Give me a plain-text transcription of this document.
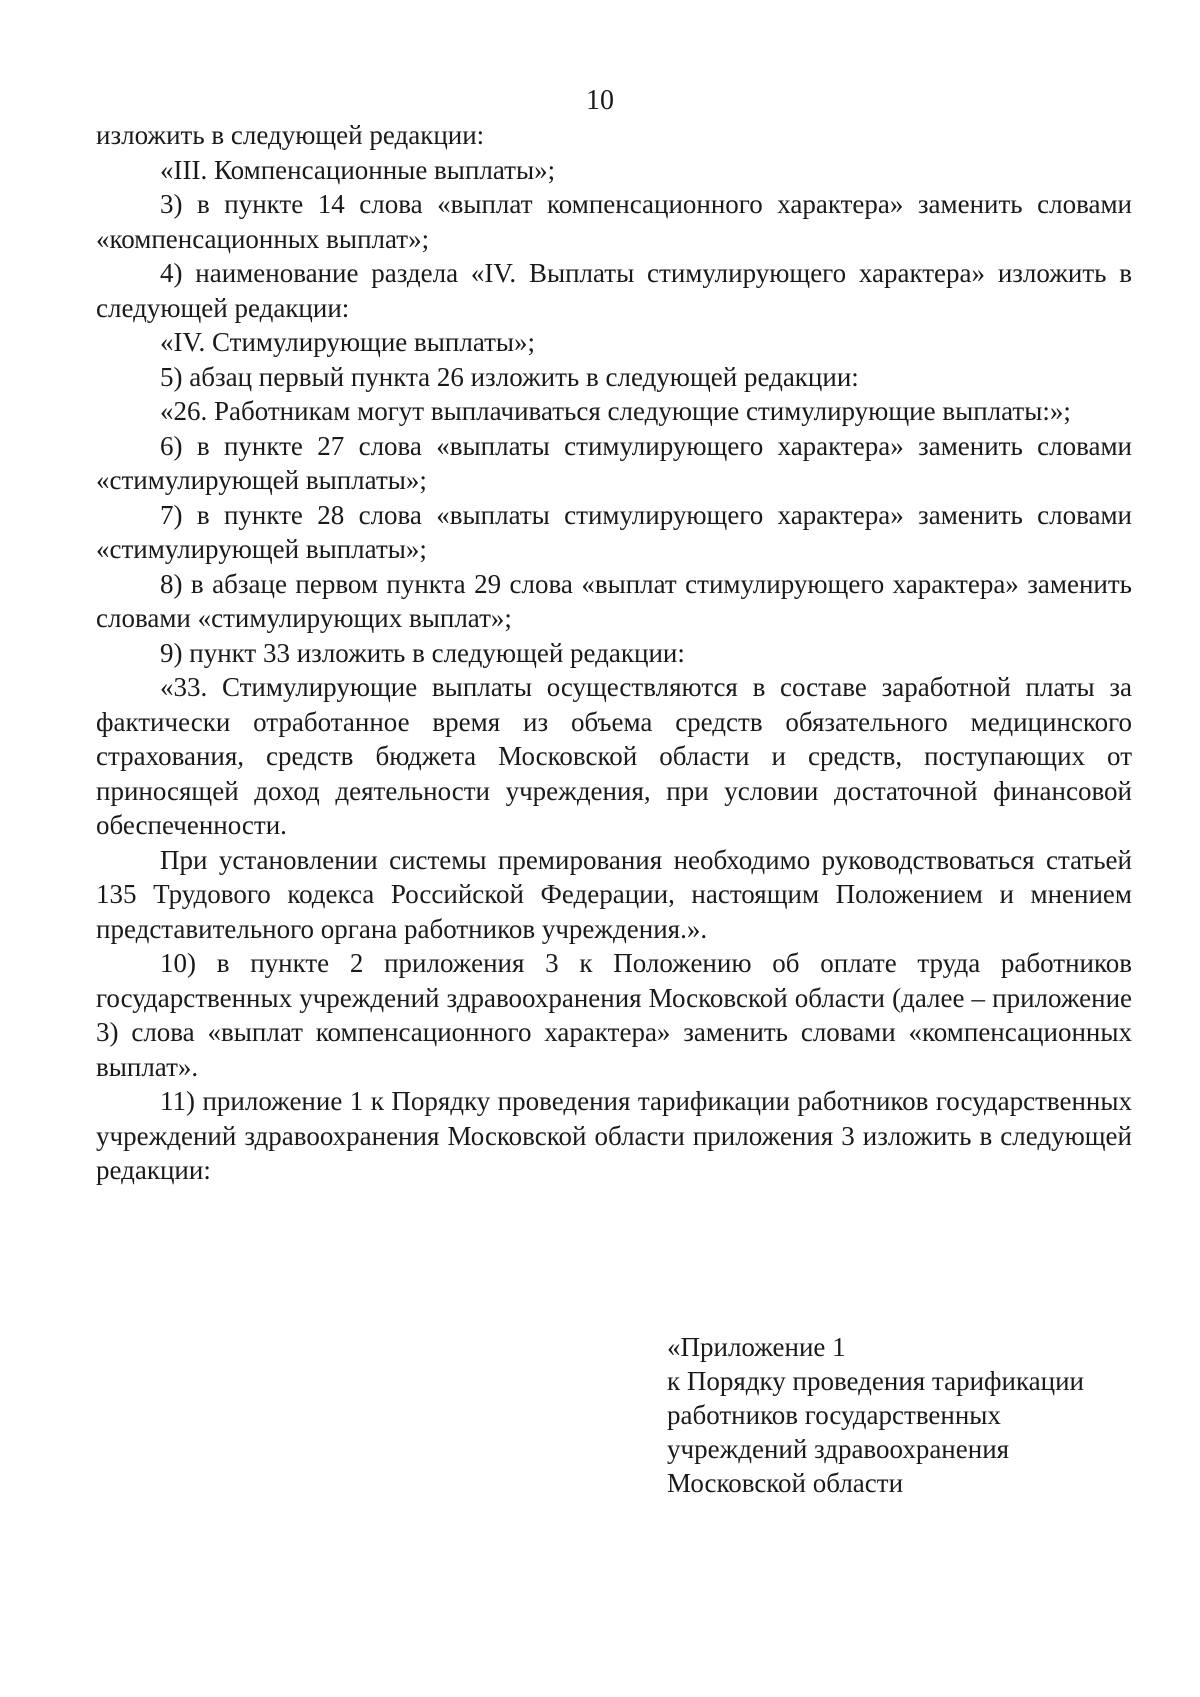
10

изложить в следующей редакции:

«III. Компенсационные выплаты»;

3) в пункте 14 слова «выплат компенсационного характера» заменить словами «компенсационных выплат»;

4) наименование раздела «IV. Выплаты стимулирующего характера» изложить в следующей редакции:

«IV. Стимулирующие выплаты»;

5) абзац первый пункта 26 изложить в следующей редакции:

«26. Работникам могут выплачиваться следующие стимулирующие выплаты:»;

6) в пункте 27 слова «выплаты стимулирующего характера» заменить словами «стимулирующей выплаты»;

7) в пункте 28 слова «выплаты стимулирующего характера» заменить словами «стимулирующей выплаты»;

8) в абзаце первом пункта 29 слова «выплат стимулирующего характера» заменить словами «стимулирующих выплат»;

9) пункт 33 изложить в следующей редакции:

«33. Стимулирующие выплаты осуществляются в составе заработной платы за фактически отработанное время из объема средств обязательного медицинского страхования, средств бюджета Московской области и средств, поступающих от приносящей доход деятельности учреждения, при условии достаточной финансовой обеспеченности.

При установлении системы премирования необходимо руководствоваться статьей 135 Трудового кодекса Российской Федерации, настоящим Положением и мнением представительного органа работников учреждения.».

10) в пункте 2 приложения 3 к Положению об оплате труда работников государственных учреждений здравоохранения Московской области (далее – приложение 3) слова «выплат компенсационного характера» заменить словами «компенсационных выплат».

11) приложение 1 к Порядку проведения тарификации работников государственных учреждений здравоохранения Московской области приложения 3 изложить в следующей редакции:

«Приложение 1
к Порядку проведения тарификации
работников государственных
учреждений здравоохранения
Московской области
